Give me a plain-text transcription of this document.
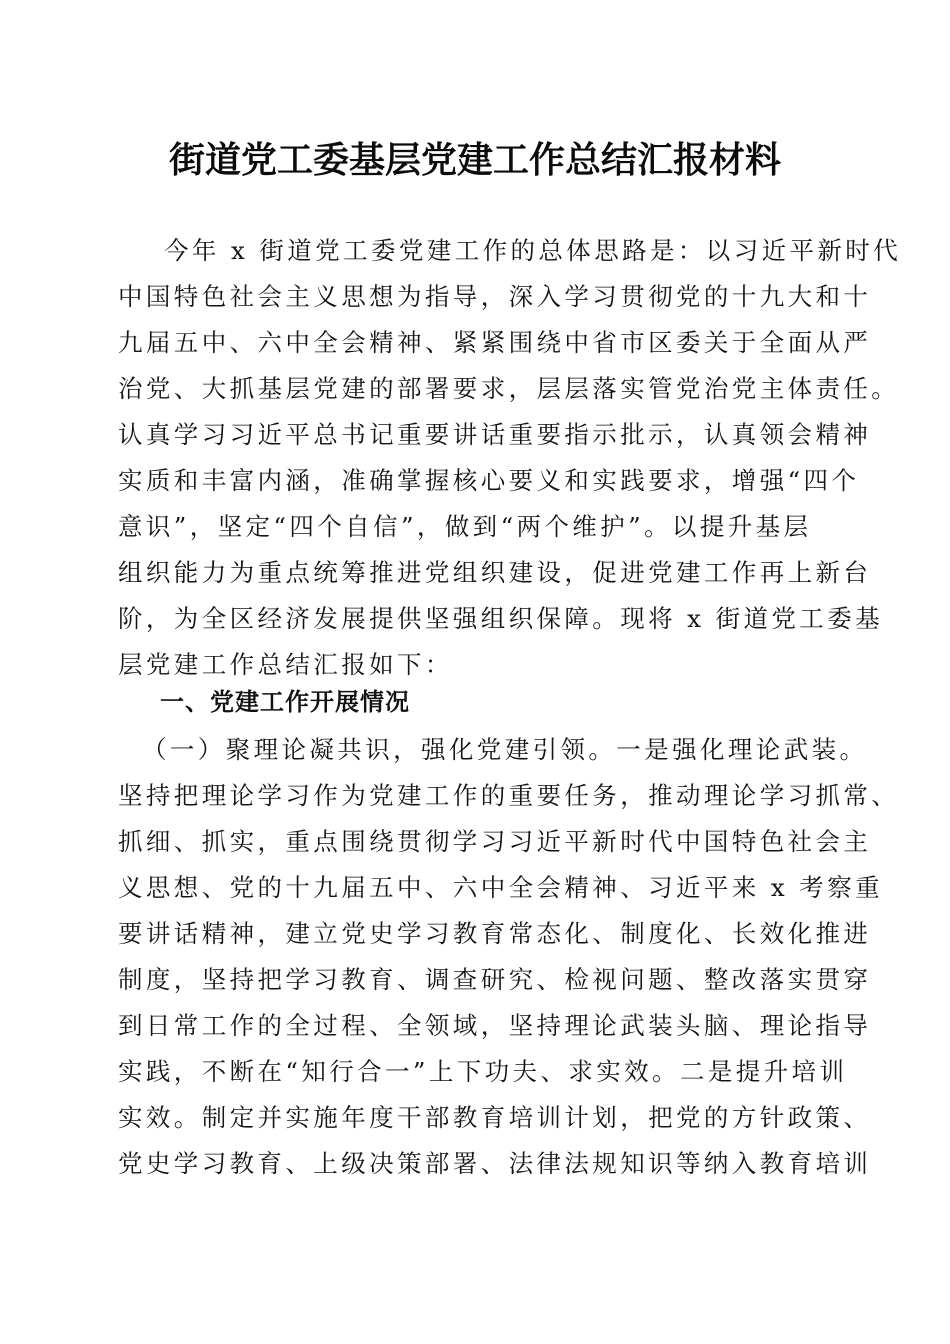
街道党工委基层党建工作总结汇报材料

今年 x 街道党工委党建工作的总体思路是：以习近平新时代

中国特色社会主义思想为指导，深入学习贯彻党的十九大和十

九届五中、六中全会精神、紧紧围绕中省市区委关于全面从严

治党、大抓基层党建的部署要求，层层落实管党治党主体责任。

认真学习习近平总书记重要讲话重要指示批示，认真领会精神

实质和丰富内涵，准确掌握核心要义和实践要求，增强“四个

意识”，坚定“四个自信”，做到“两个维护”。以提升基层

组织能力为重点统筹推进党组织建设，促进党建工作再上新台

阶，为全区经济发展提供坚强组织保障。现将 x 街道党工委基

层党建工作总结汇报如下：

一、党建工作开展情况

（一）聚理论凝共识，强化党建引领。一是强化理论武装。

坚持把理论学习作为党建工作的重要任务，推动理论学习抓常、

抓细、抓实，重点围绕贯彻学习习近平新时代中国特色社会主

义思想、党的十九届五中、六中全会精神、习近平来 x 考察重

要讲话精神，建立党史学习教育常态化、制度化、长效化推进

制度，坚持把学习教育、调查研究、检视问题、整改落实贯穿

到日常工作的全过程、全领域，坚持理论武装头脑、理论指导

实践，不断在“知行合一”上下功夫、求实效。二是提升培训

实效。制定并实施年度干部教育培训计划，把党的方针政策、

党史学习教育、上级决策部署、法律法规知识等纳入教育培训
